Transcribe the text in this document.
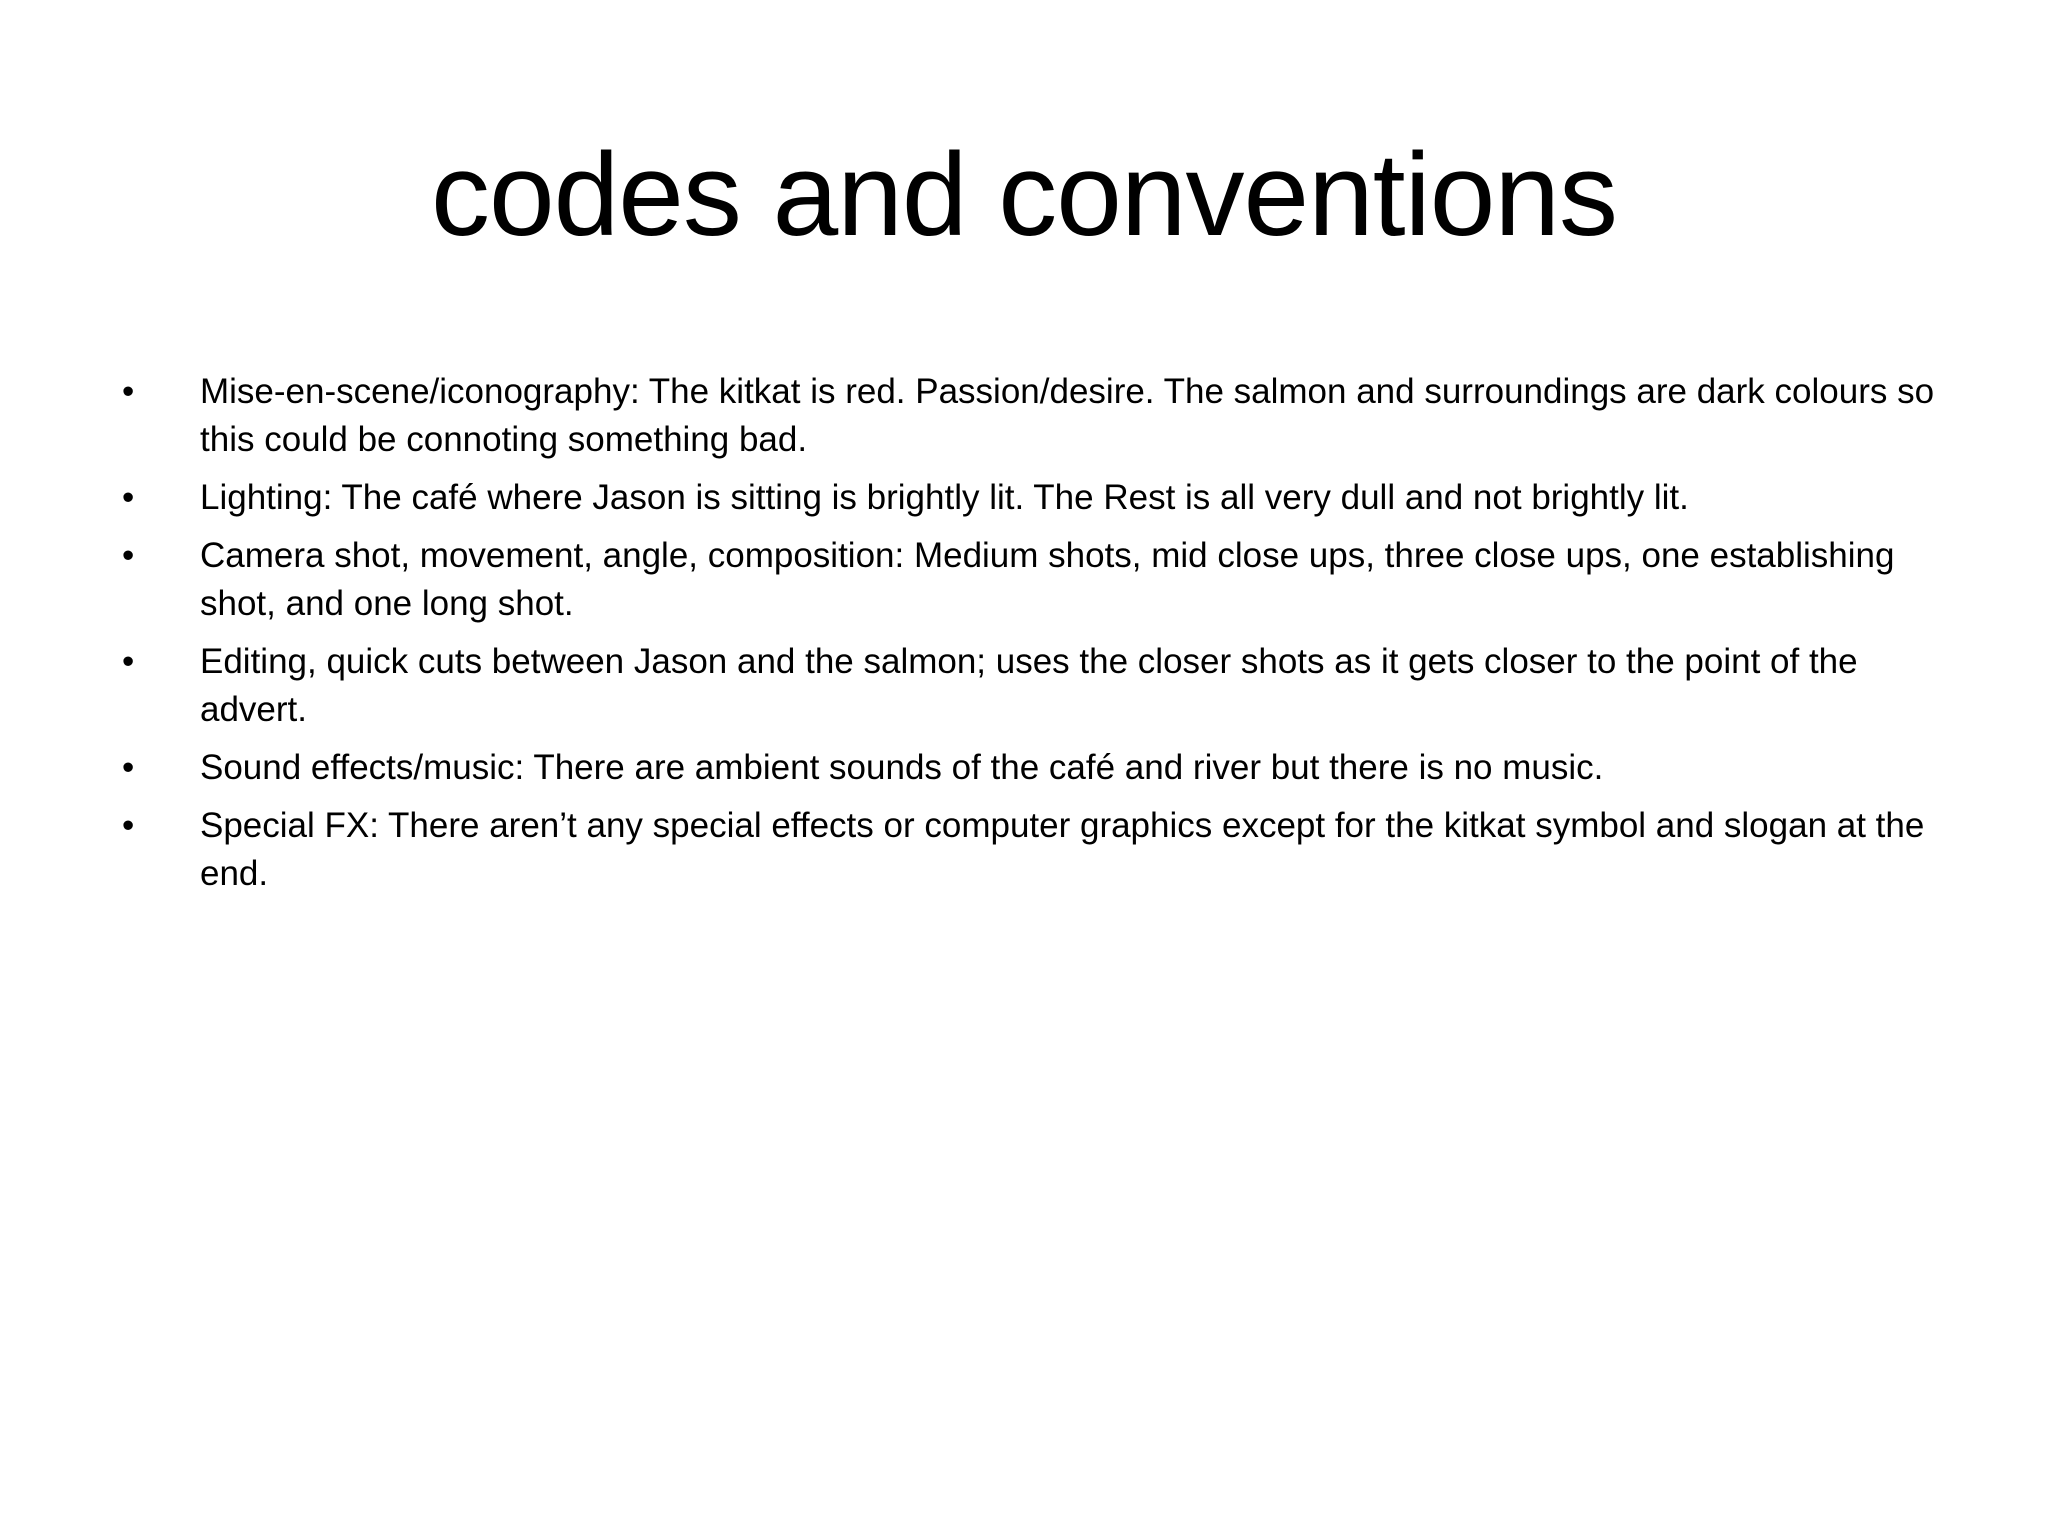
codes and conventions
•	Mise-en-scene/iconography: The kitkat is red. Passion/desire. The salmon and surroundings are dark colours so this could be connoting something bad.
•	Lighting: The café where Jason is sitting is brightly lit. The Rest is all very dull and not brightly lit.
•	Camera shot, movement, angle, composition: Medium shots, mid close ups, three close ups, one establishing shot, and one long shot.
•	Editing, quick cuts between Jason and the salmon; uses the closer shots as it gets closer to the point of the advert.
•	Sound effects/music: There are ambient sounds of the café and river but there is no music.
•	Special FX: There aren’t any special effects or computer graphics except for the kitkat symbol and slogan at the end.
